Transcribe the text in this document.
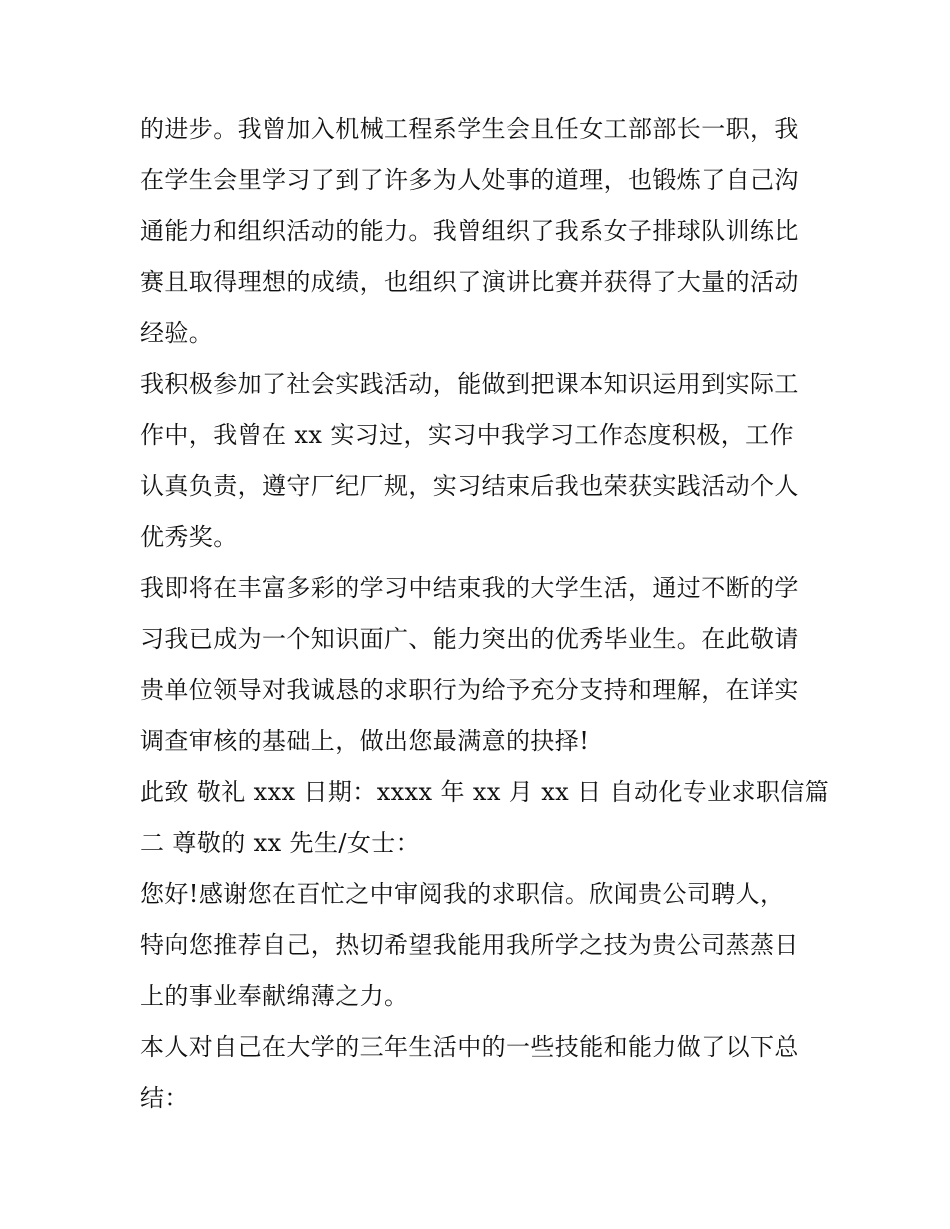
的进步。我曾加入机械工程系学生会且任女工部部长一职，我
在学生会里学习了到了许多为人处事的道理，也锻炼了自己沟
通能力和组织活动的能力。我曾组织了我系女子排球队训练比
赛且取得理想的成绩，也组织了演讲比赛并获得了大量的活动
经验。
我积极参加了社会实践活动，能做到把课本知识运用到实际工
作中，我曾在 xx 实习过，实习中我学习工作态度积极，工作
认真负责，遵守厂纪厂规，实习结束后我也荣获实践活动个人
优秀奖。
我即将在丰富多彩的学习中结束我的大学生活，通过不断的学
习我已成为一个知识面广、能力突出的优秀毕业生。在此敬请
贵单位领导对我诚恳的求职行为给予充分支持和理解，在详实
调查审核的基础上，做出您最满意的抉择!
此致 敬礼 xxx 日期：xxxx 年 xx 月 xx 日 自动化专业求职信篇
二 尊敬的 xx 先生/女士：
您好!感谢您在百忙之中审阅我的求职信。欣闻贵公司聘人，
特向您推荐自己，热切希望我能用我所学之技为贵公司蒸蒸日
上的事业奉献绵薄之力。
本人对自己在大学的三年生活中的一些技能和能力做了以下总
结：
